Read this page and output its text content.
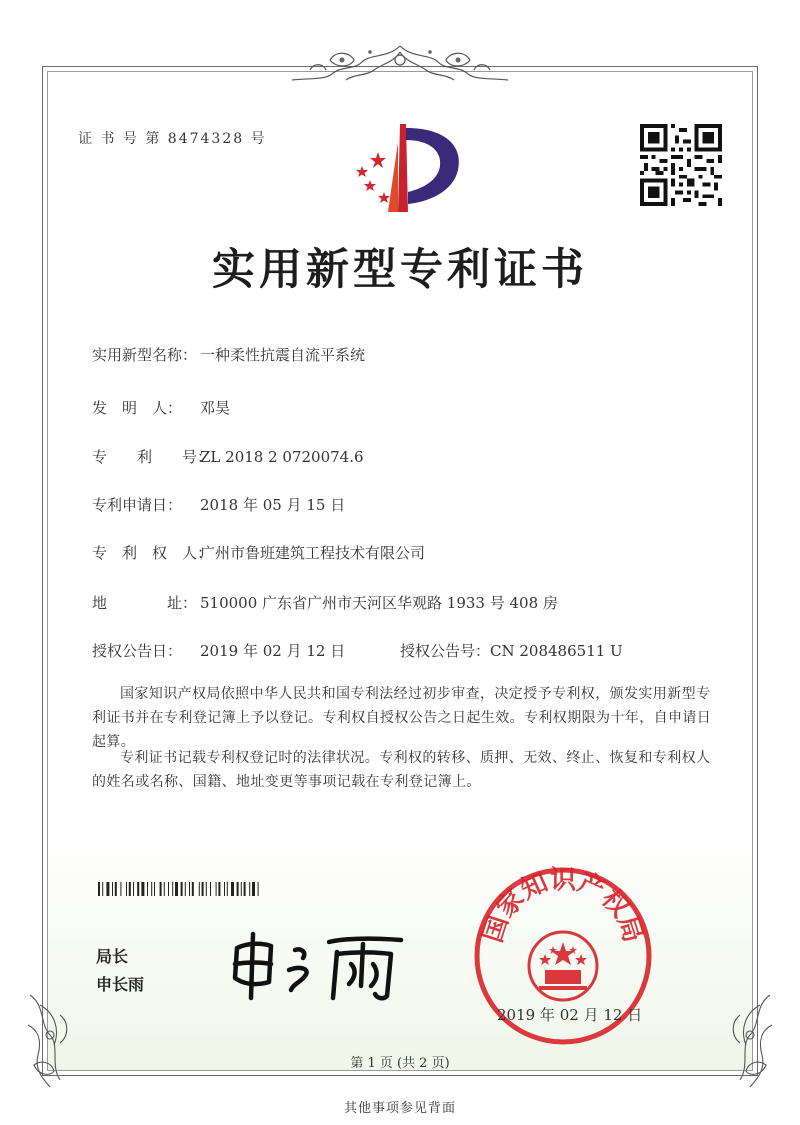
证 书 号 第 8474328 号
实用新型专利证书
实用新型名称： 一种柔性抗震自流平系统
发　明　人： 邓昊
专　　利　　号：ZL 2018 2 0720074.6
专利申请日： 2018 年 05 月 15 日
专　利　权　人：广州市鲁班建筑工程技术有限公司
地　　　　址： 510000 广东省广州市天河区华观路 1933 号 408 房
授权公告日： 2019 年 02 月 12 日	授权公告号：CN 208486511 U
国家知识产权局依照中华人民共和国专利法经过初步审查，决定授予专利权，颁发实用新型专利证书并在专利登记簿上予以登记。专利权自授权公告之日起生效。专利权期限为十年，自申请日起算。
专利证书记载专利权登记时的法律状况。专利权的转移、质押、无效、终止、恢复和专利权人的姓名或名称、国籍、地址变更等事项记载在专利登记簿上。
局长
申长雨
国家知识产权局
2019 年 02 月 12 日
第 1 页 (共 2 页)
其他事项参见背面
